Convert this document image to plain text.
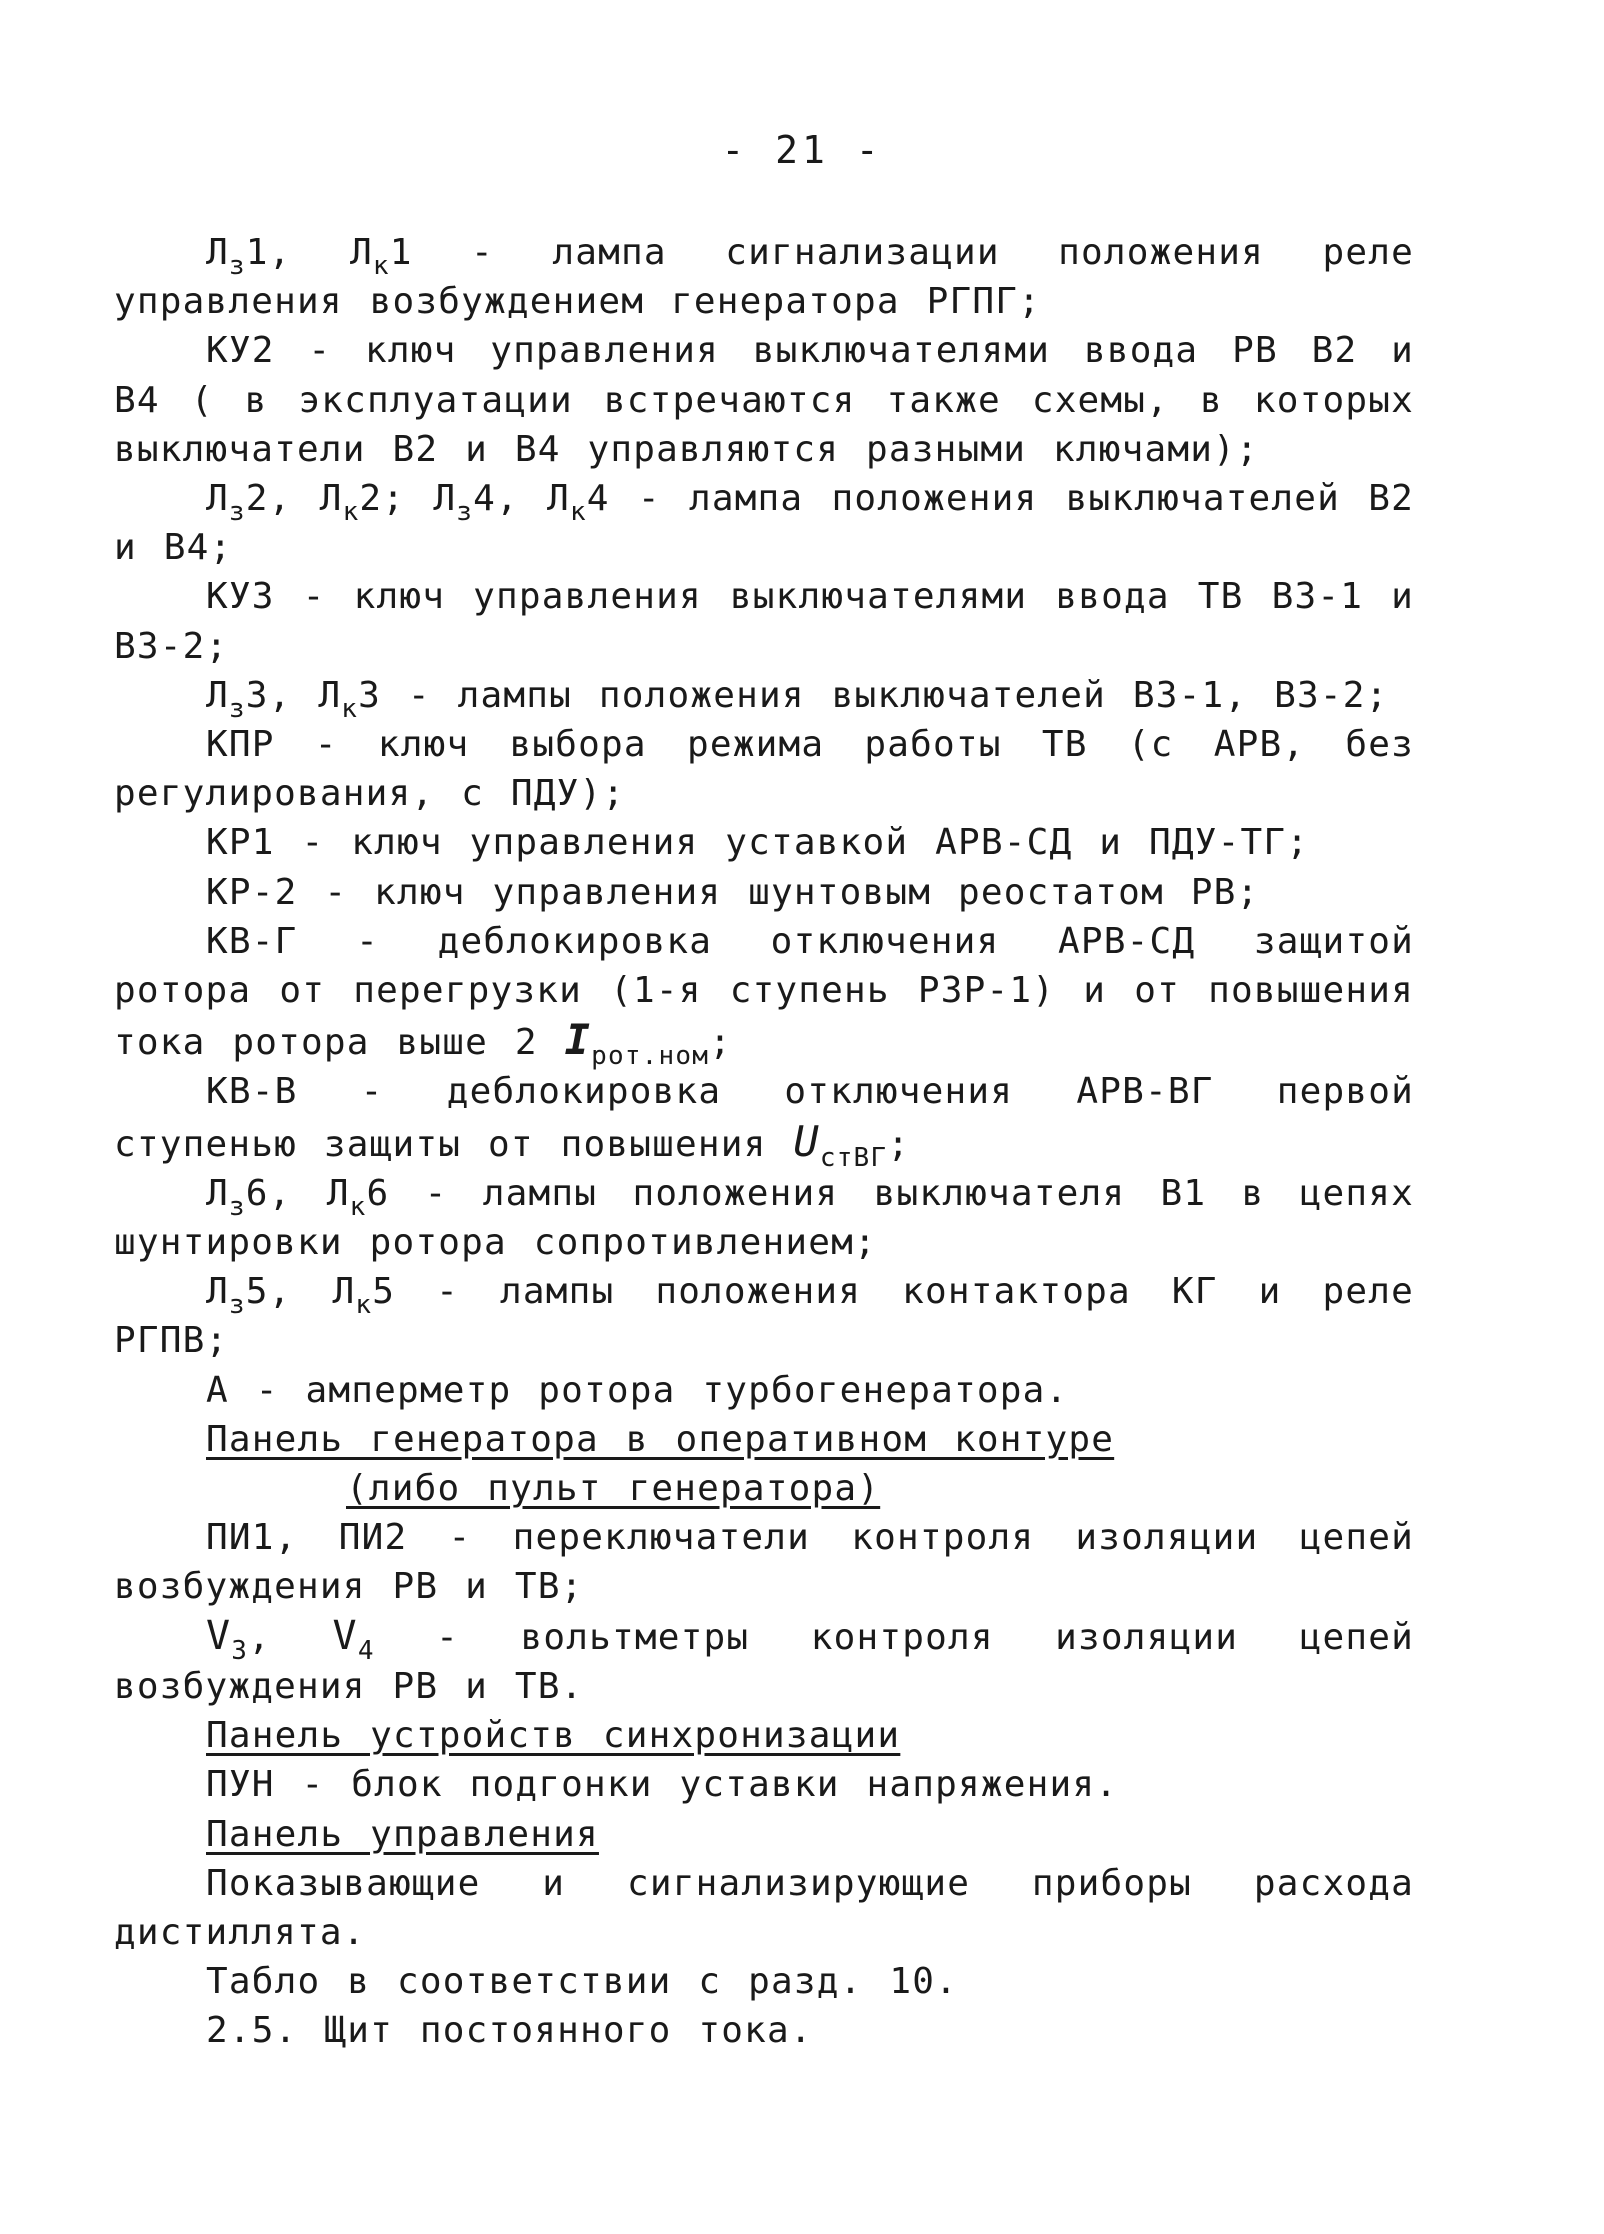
- 21 -

$Л_з1$, $Л_к1$ - лампа сигнализации положения реле управления возбуждением генератора РГПГ;

КУ2 - ключ управления выключателями ввода РВ В2 и В4 ( в эксплуатации встречаются также схемы, в которых выключатели В2 и В4 управляются разными ключами);

$Л_з2$, $Л_к2$; $Л_з4$, $Л_к4$ - лампа положения выключателей В2 и В4;

КУ3 - ключ управления выключателями ввода ТВ В3-1 и В3-2;

$Л_з3$, $Л_к3$ - лампы положения выключателей В3-1, В3-2;

КПР - ключ выбора режима работы ТВ (с АРВ, без регулирования, с ПДУ);

КР1 - ключ управления уставкой АРВ-СД и ПДУ-ТГ;

КР-2 - ключ управления шунтовым реостатом РВ;

КВ-Г - деблокировка отключения АРВ-СД защитой ротора от перегрузки (1-я ступень РЗР-1) и от повышения тока ротора выше 2 $I_{рот.ном}$;

КВ-В - деблокировка отключения АРВ-ВГ первой ступенью защиты от повышения $U_{стВГ}$;

$Л_з6$, $Л_к6$ - лампы положения выключателя В1 в цепях шунтировки ротора сопротивлением;

$Л_з5$, $Л_к5$ - лампы положения контактора КГ и реле РГПВ;

А - амперметр ротора турбогенератора.

Панель генератора в оперативном контуре

(либо пульт генератора)

ПИ1, ПИ2 - переключатели контроля изоляции цепей возбуждения РВ и ТВ;

$V_3$, $V_4$ - вольтметры контроля изоляции цепей возбуждения РВ и ТВ.

Панель устройств синхронизации

ПУН - блок подгонки уставки напряжения.

Панель управления

Показывающие и сигнализирующие приборы расхода дистиллята.

Табло в соответствии с разд. 10.

2.5. Щит постоянного тока.
